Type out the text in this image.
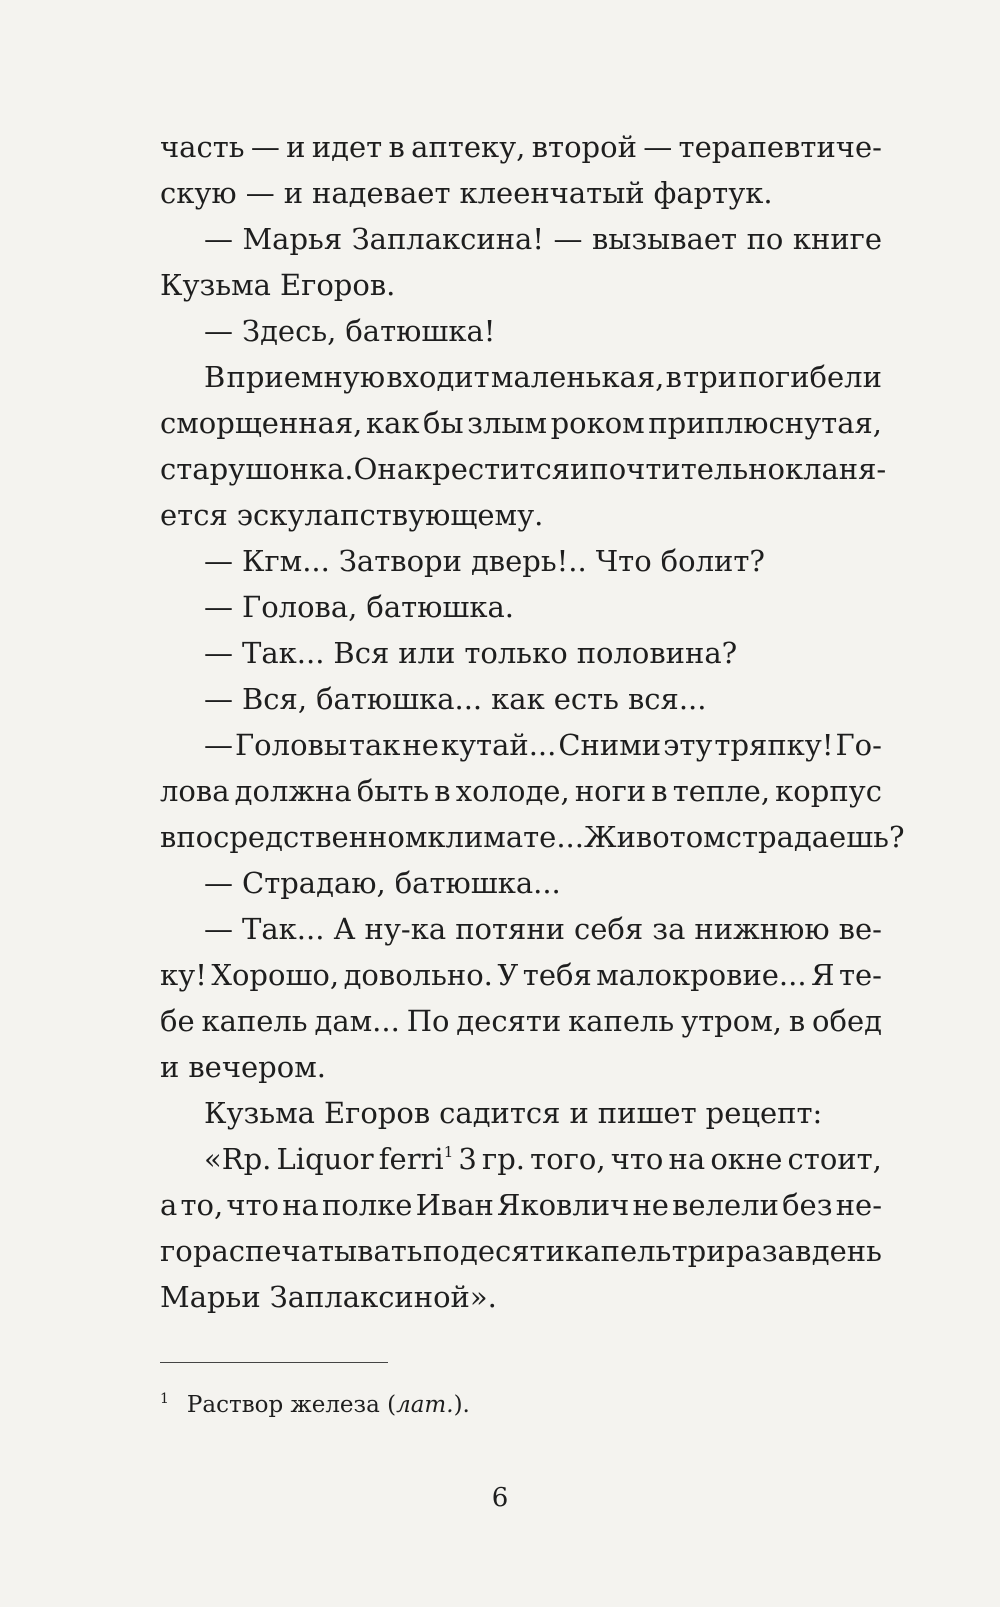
часть — и идет в аптеку, второй — терапевтиче-
скую — и надевает клеенчатый фартук.
— Марья Заплаксина! — вызывает по книге
Кузьма Егоров.
— Здесь, батюшка!
В приемную входит маленькая, в три погибели
сморщенная, как бы злым роком приплюснутая,
старушонка. Она крестится и почтительно кланя-
ется эскулапствующему.
— Кгм... Затвори дверь!.. Что болит?
— Голова, батюшка.
— Так... Вся или только половина?
— Вся, батюшка... как есть вся...
— Головы так не кутай... Сними эту тряпку! Го-
лова должна быть в холоде, ноги в тепле, корпус
в посредственном климате... Животом страдаешь?
— Страдаю, батюшка...
— Так... А ну-ка потяни себя за нижнюю ве-
ку! Хорошо, довольно. У тебя малокровие... Я те-
бе капель дам... По десяти капель утром, в обед
и вечером.
Кузьма Егоров садится и пишет рецепт:
«Rp. Liquor ferri$^1$ 3 гр. того, что на окне стоит,
а то, что на полке Иван Яковлич не велели без не-
го распечатывать по десяти капель три раза в день
Марьи Заплаксиной».
$^1$ Раствор железа (лат.).
6
